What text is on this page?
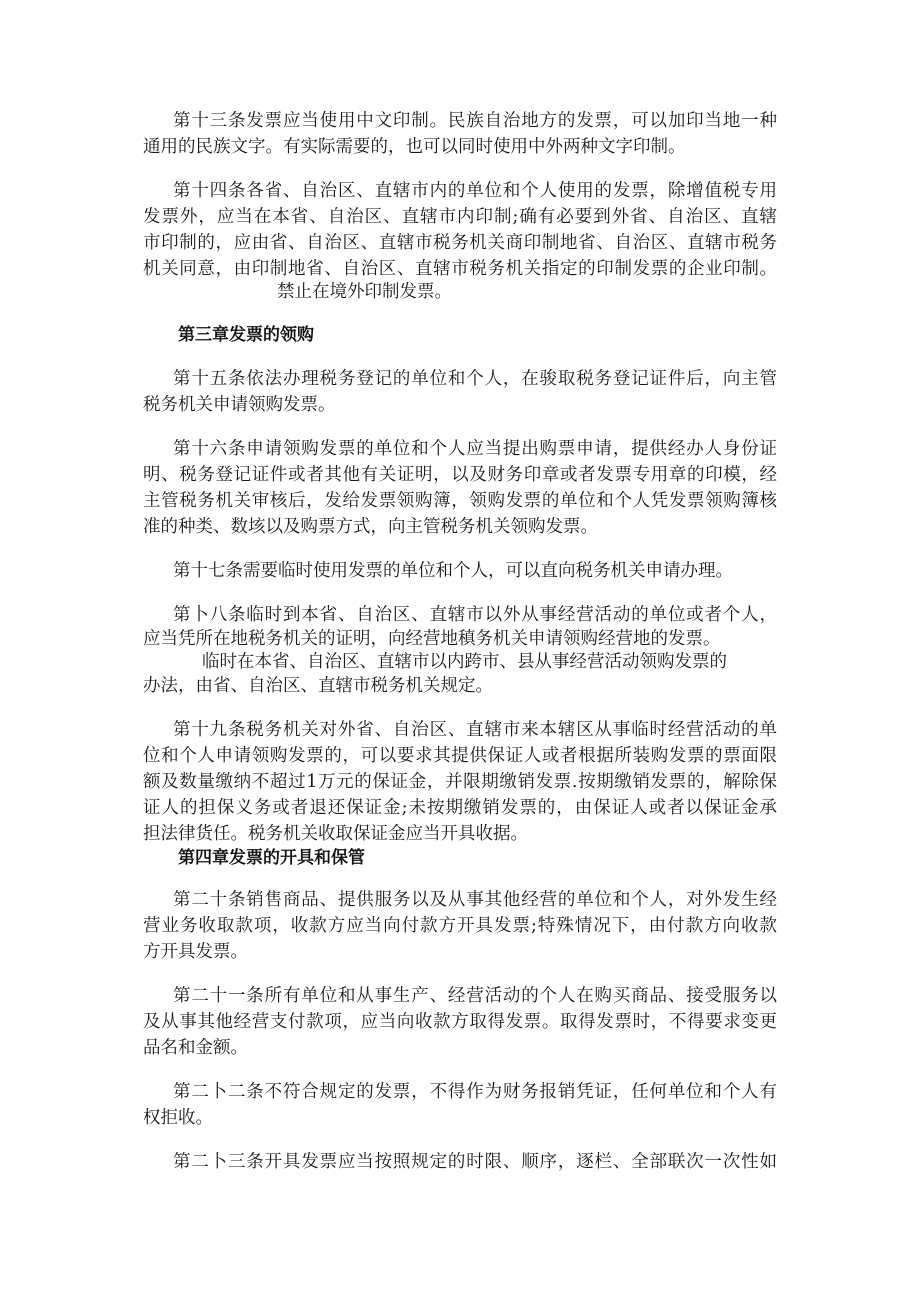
第十三条发票应当使用中文印制。民族自治地方的发票，可以加印当地一种
通用的民族文字。有实际需要的，也可以同时使用中外两种文字印制。
第十四条各省、自治区、直辖市内的单位和个人使用的发票，除增值税专用
发票外，应当在本省、自治区、直辖市内印制;确有必要到外省、自治区、直辖
市印制的，应由省、自治区、直辖市税务机关商印制地省、自治区、直辖市税务
机关同意，由印制地省、自治区、直辖市税务机关指定的印制发票的企业印制。
禁止在境外印制发票。
第三章发票的领购
第十五条依法办理税务登记的单位和个人，在骏取税务登记证件后，向主管
税务机关申请领购发票。
第十六条申请领购发票的单位和个人应当提出购票申请，提供经办人身份证
明、税务登记证件或者其他有关证明，以及财务印章或者发票专用章的印模，经
主管税务机关审核后，发给发票领购簿，领购发票的单位和个人凭发票领购簿核
准的种类、数垓以及购票方式，向主管税务机关领购发票。
第十七条需要临时使用发票的单位和个人，可以直向税务机关申请办理。
第卜八条临时到本省、自治区、直辖市以外从事经营活动的单位或者个人，
应当凭所在地税务机关的证明，向经营地稹务机关申请领购经营地的发票。
临时在本省、自治区、直辖市以内跨市、县从事经营活动领购发票的
办法，由省、自治区、直辖市税务机关规定。
第十九条税务机关对外省、自治区、直辖市来本辖区从事临时经营活动的单
位和个人申请领购发票的，可以要求其提供保证人或者根据所装购发票的票面限
额及数量缴纳不超过1万元的保证金，并限期缴销发票.按期缴销发票的，解除保
证人的担保义务或者退还保证金;未按期缴销发票的，由保证人或者以保证金承
担法律货任。税务机关收取保证金应当开具收据。
第四章发票的开具和保管
第二十条销售商品、提供服务以及从事其他经营的单位和个人，对外发生经
营业务收取款项，收款方应当向付款方开具发票;特殊情况下，由付款方向收款
方开具发票。
第二十一条所有单位和从事生产、经营活动的个人在购买商品、接受服务以
及从事其他经营支付款项，应当向收款方取得发票。取得发票时，不得要求变更
品名和金额。
第二卜二条不符合规定的发票，不得作为财务报销凭证，任何单位和个人有
权拒收。
第二卜三条开具发票应当按照规定的时限、顺序，逐栏、全部联次一次性如
